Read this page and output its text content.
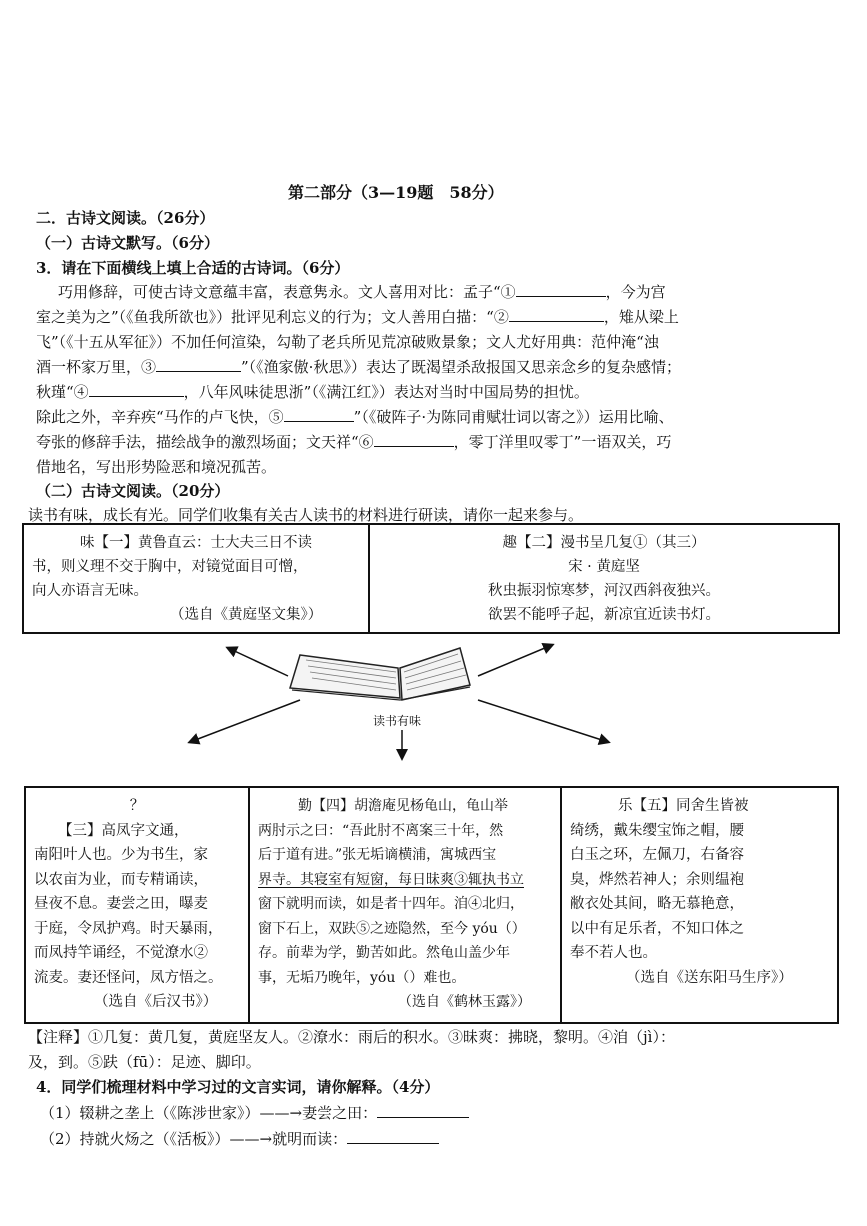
第二部分（3—19题　58分）
二．古诗文阅读。（26分）
（一）古诗文默写。（6分）
3．请在下面横线上填上合适的古诗词。（6分）
巧用修辞，可使古诗文意蕴丰富，表意隽永。文人喜用对比：孟子“①	，今为宫
室之美为之”（《鱼我所欲也》）批评见利忘义的行为；文人善用白描：“②	，雉从梁上
飞”（《十五从军征》）不加任何渲染，勾勒了老兵所见荒凉破败景象；文人尤好用典：范仲淹“浊
酒一杯家万里，③	”（《渔家傲·秋思》）表达了既渴望杀敌报国又思亲念乡的复杂感情；
秋瑾“④	，八年风味徒思浙”（《满江红》）表达对当时中国局势的担忧。
除此之外，辛弃疾“马作的卢飞快，⑤	”（《破阵子·为陈同甫赋壮词以寄之》）运用比喻、
夸张的修辞手法，描绘战争的激烈场面；文天祥“⑥	，零丁洋里叹零丁”一语双关，巧
借地名，写出形势险恶和境况孤苦。
（二）古诗文阅读。（20分）
读书有味，成长有光。同学们收集有关古人读书的材料进行研读，请你一起来参与。

味【一】黄鲁直云：士大夫三日不读

书，则义理不交于胸中，对镜觉面目可憎，

向人亦语言无味。

（选自《黄庭坚文集》）

趣【二】漫书呈几复①（其三）

宋 · 黄庭坚

秋虫振羽惊寒梦，河汉西斜夜独兴。

欲罢不能呼子起，新凉宜近读书灯。

读书有味

？

【三】高凤字文通，

南阳叶人也。少为书生，家

以农亩为业，而专精诵读，

昼夜不息。妻尝之田，曝麦

于庭，令凤护鸡。时天暴雨，

而凤持竿诵经，不觉潦水②

流麦。妻还怪问，凤方悟之。

（选自《后汉书》）

勤【四】胡澹庵见杨龟山，龟山举

两肘示之曰：“吾此肘不离案三十年，然

后于道有进。”张无垢谪横浦，寓城西宝

界寺。其寝室有短窗，每日昧爽③辄执书立

窗下就明而读，如是者十四年。洎④北归，

窗下石上，双趺⑤之迹隐然，至今 yóu（）

存。前辈为学，勤苦如此。然龟山盖少年

事，无垢乃晚年，yóu（）难也。

（选自《鹤林玉露》）

乐【五】同舍生皆被

绮绣，戴朱缨宝饰之帽，腰

白玉之环，左佩刀，右备容

臭，烨然若神人；余则缊袍

敝衣处其间，略无慕艳意，

以中有足乐者，不知口体之

奉不若人也。

（选自《送东阳马生序》）

【注释】①几复：黄几复，黄庭坚友人。②潦水：雨后的积水。③昧爽：拂晓，黎明。④洎（jì）：
及，到。⑤趺（fū）：足迹、脚印。
4．同学们梳理材料中学习过的文言实词，请你解释。（4分）
（1）辍耕之垄上（《陈涉世家》）——→妻尝之田：
（2）持就火炀之（《活板》）——→就明而读：
